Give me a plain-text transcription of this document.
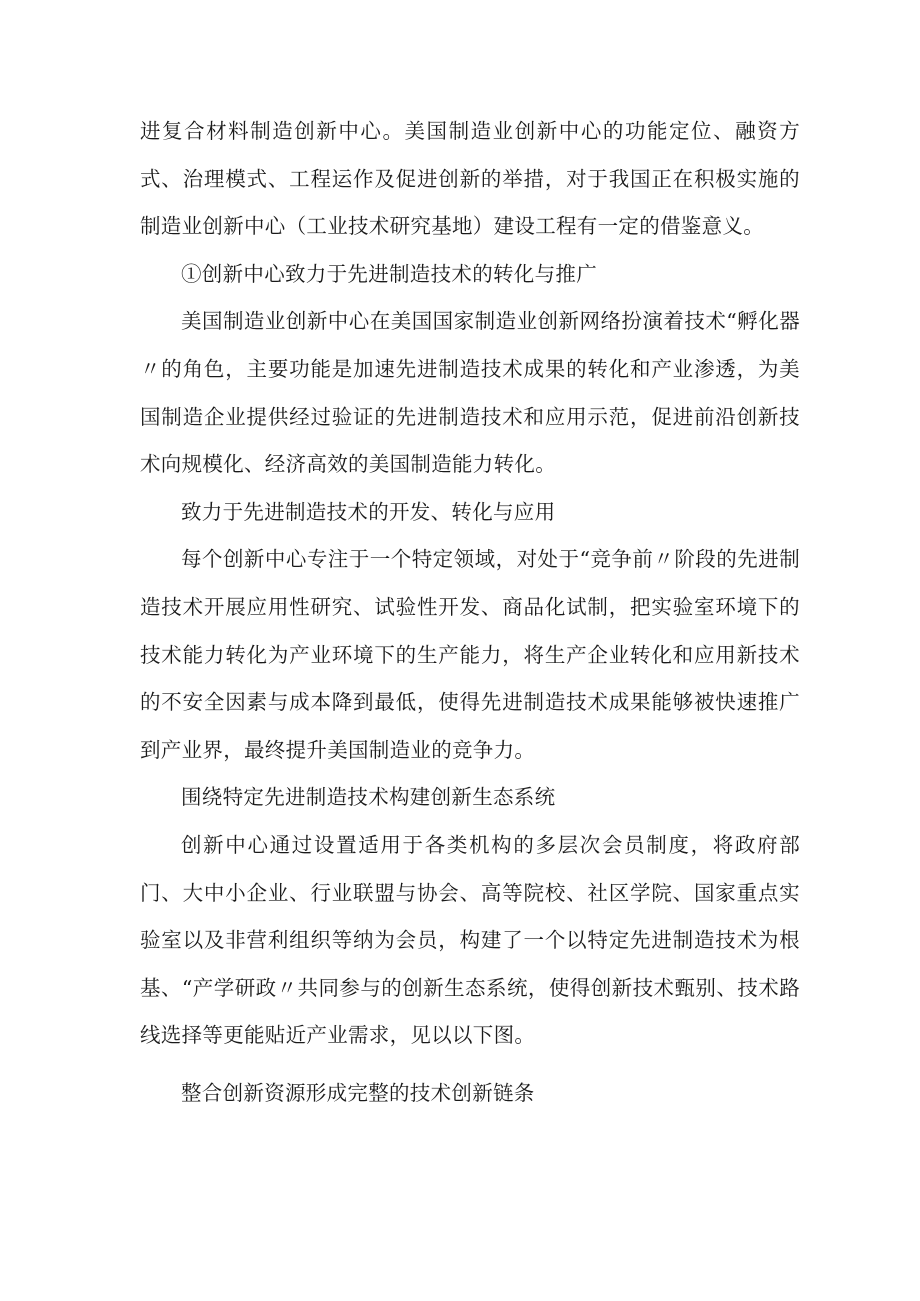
进复合材料制造创新中心。美国制造业创新中心的功能定位、融资方式、治理模式、工程运作及促进创新的举措，对于我国正在积极实施的制造业创新中心（工业技术研究基地）建设工程有一定的借鉴意义。

①创新中心致力于先进制造技术的转化与推广

美国制造业创新中心在美国国家制造业创新网络扮演着技术“孵化器〃的角色，主要功能是加速先进制造技术成果的转化和产业渗透，为美国制造企业提供经过验证的先进制造技术和应用示范，促进前沿创新技术向规模化、经济高效的美国制造能力转化。

致力于先进制造技术的开发、转化与应用

每个创新中心专注于一个特定领域，对处于“竞争前〃阶段的先进制造技术开展应用性研究、试验性开发、商品化试制，把实验室环境下的技术能力转化为产业环境下的生产能力，将生产企业转化和应用新技术的不安全因素与成本降到最低，使得先进制造技术成果能够被快速推广到产业界，最终提升美国制造业的竞争力。

围绕特定先进制造技术构建创新生态系统

创新中心通过设置适用于各类机构的多层次会员制度，将政府部门、大中小企业、行业联盟与协会、高等院校、社区学院、国家重点实验室以及非营利组织等纳为会员，构建了一个以特定先进制造技术为根基、“产学研政〃共同参与的创新生态系统，使得创新技术甄别、技术路线选择等更能贴近产业需求，见以以下图。

整合创新资源形成完整的技术创新链条
